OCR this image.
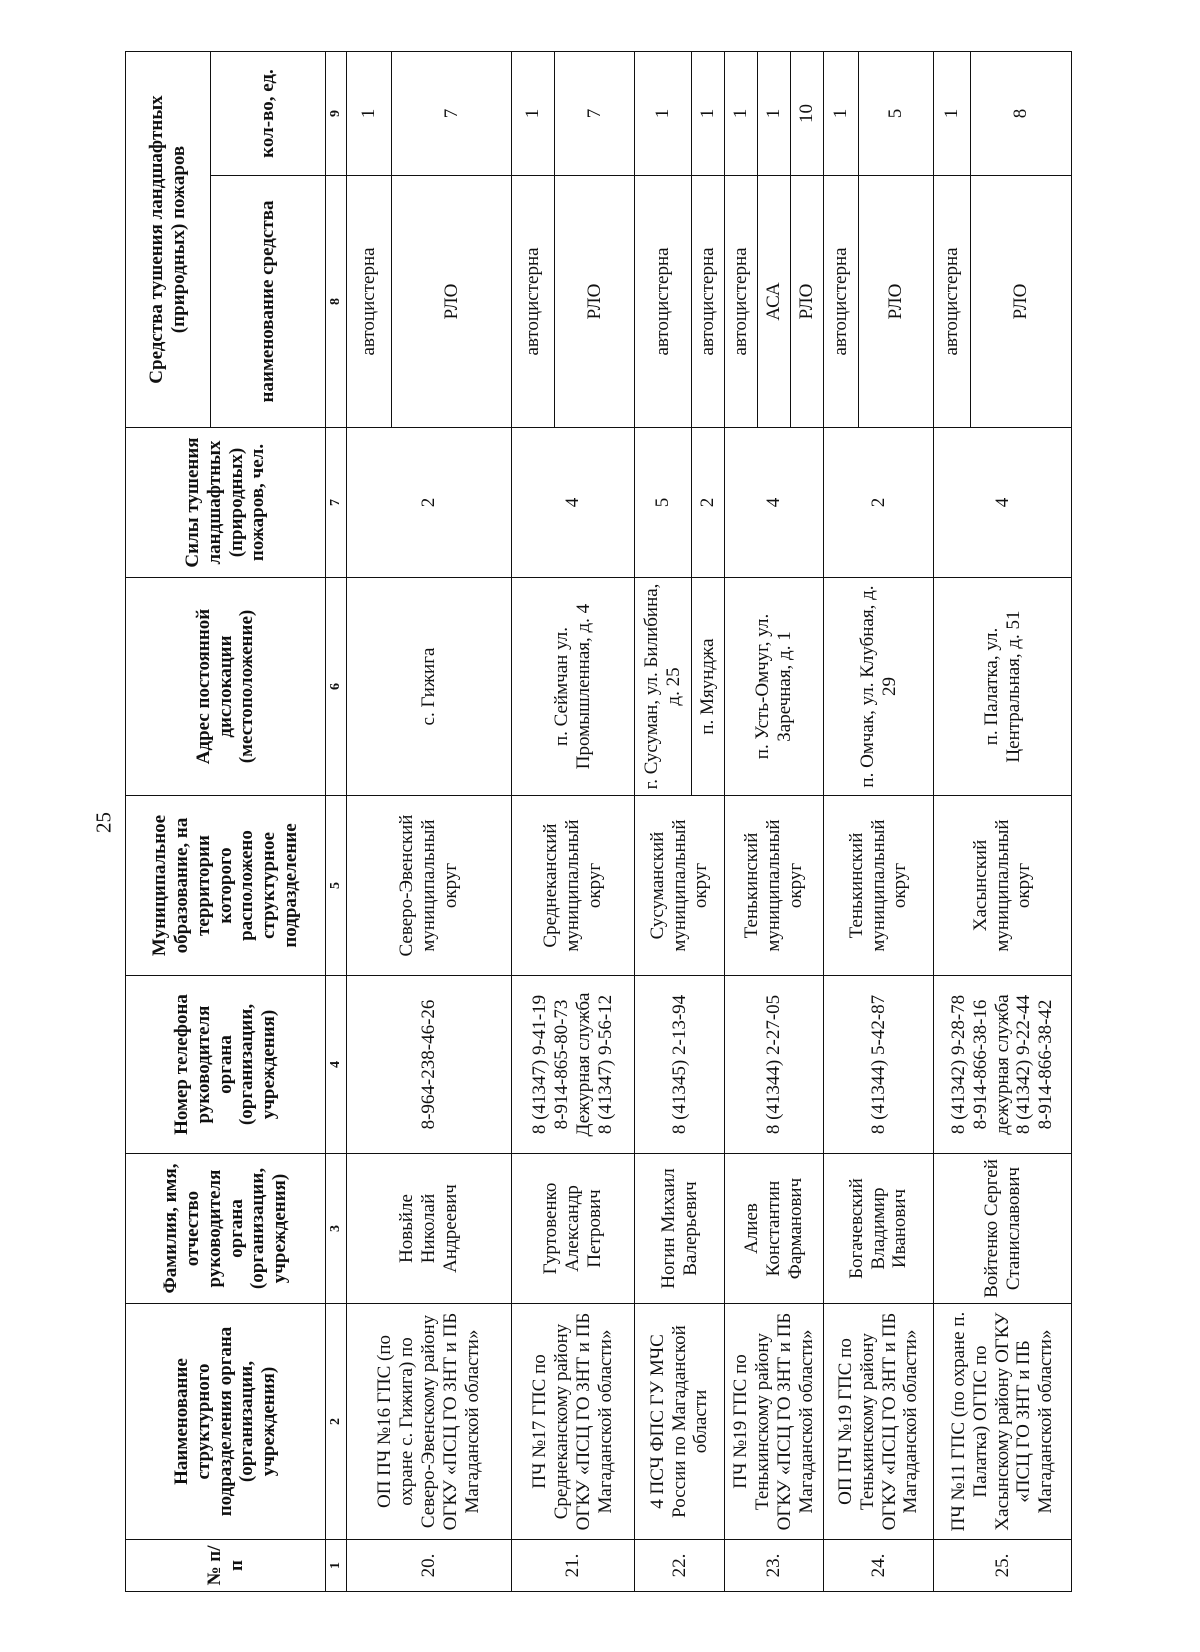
25
№ п/п	Наименование структурного подразделения органа (организации, учреждения)	Фамилия, имя, отчество руководителя органа (организации, учреждения)	Номер телефона руководителя органа (организации, учреждения)	Муниципальное образование, на территории которого расположено структурное подразделение	Адрес постоянной дислокации (местоположение)	Силы тушения ландшафтных (природных) пожаров, чел.	Средства тушения ландшафтных (природных) пожаров	
							наименование средства	кол-во, ед.
1	2	3	4	5	6	7	8	9
20.	ОП ПЧ №16 ГПС (по охране с. Гижига) по Северо-Эвенскому району ОГКУ «ПСЦ ГО ЗНТ и ПБ Магаданской области»	Новьйле Николай Андреевич	8-964-238-46-26	Северо-Эвенский муниципальный округ	с. Гижига	2	автоцистерна	1
							РЛО	7
21.	ПЧ №17 ГПС по Среднеканскому району ОГКУ «ПСЦ ГО ЗНТ и ПБ Магаданской области»	Гуртовенко Александр Петрович	8 (41347) 9-41-19
8-914-865-80-73
Дежурная служба
8 (41347) 9-56-12	Среднеканский муниципальный округ	п. Сеймчан ул. Промышленная, д. 4	4	автоцистерна	1
							РЛО	7
22.	4 ПСЧ ФПС ГУ МЧС России по Магаданской области	Ногин Михаил Валерьевич	8 (41345) 2-13-94	Сусуманский муниципальный округ	г. Сусуман, ул. Билибина, д. 25	5	автоцистерна	1
					п. Мяунджа	2	автоцистерна	1
23.	ПЧ №19 ГПС по Тенькинскому району ОГКУ «ПСЦ ГО ЗНТ и ПБ Магаданской области»	Алиев Константин Фарманович	8 (41344) 2-27-05	Тенькинский муниципальный округ	п. Усть-Омчуг, ул. Заречная, д. 1	4	автоцистерна	1
							АСА	1
							РЛО	10
24.	ОП ПЧ №19 ГПС по Тенькинскому району ОГКУ «ПСЦ ГО ЗНТ и ПБ Магаданской области»	Богачевский Владимир Иванович	8 (41344) 5-42-87	Тенькинский муниципальный округ	п. Омчак, ул. Клубная, д. 29	2	автоцистерна	1
							РЛО	5
25.	ПЧ №11 ГПС (по охране п. Палатка) ОГПС по Хасынскому району ОГКУ «ПСЦ ГО ЗНТ и ПБ Магаданской области»	Войтенко Сергей Станиславович	8 (41342) 9-28-78
8-914-866-38-16
дежурная служба
8 (41342) 9-22-44
8-914-866-38-42	Хасынский муниципальный округ	п. Палатка, ул. Центральная, д. 51	4	автоцистерна	1
							РЛО	8
